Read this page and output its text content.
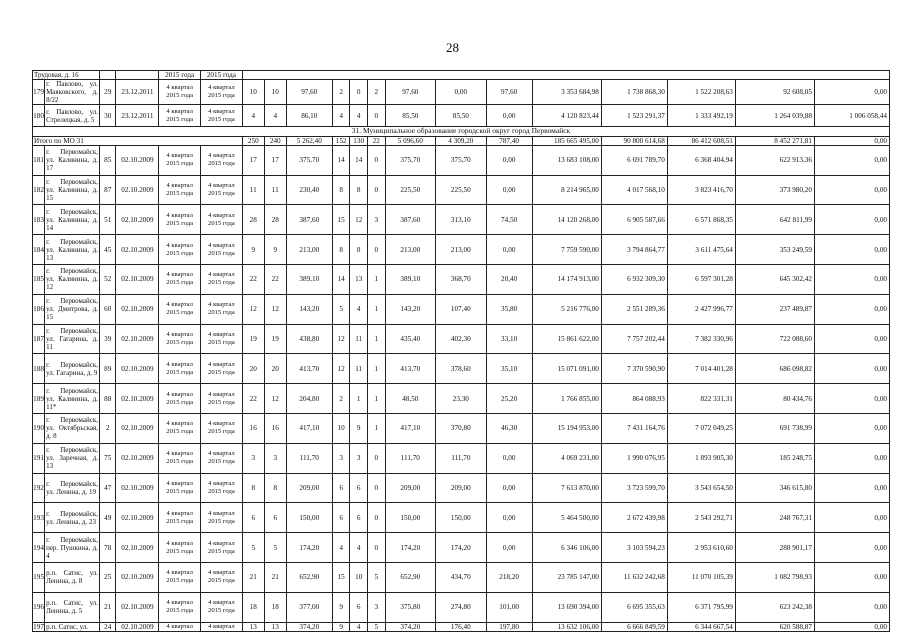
28
Трудовая, д. 16				2015 года	2015 года														
179	г. Павлово, ул. Маяковского, д. 8/22	29	23.12.2011	4 квартал 2015 года	4 квартал 2015 года	10	10	97,60	2	0	2	97,60	0,00	97,60	3 353 684,98	1 738 868,30	1 522 208,63	92 608,05	0,00
180	г. Павлово, ул. Стрелецкая, д. 5	30	23.12.2011	4 квартал 2015 года	4 квартал 2015 года	4	4	86,10	4	4	0	85,50	85,50	0,00	4 120 823,44	1 523 291,37	1 333 492,19	1 264 039,88	1 006 058,44
31. Муниципальное образование городской округ город Первомайск																			
Итого по МО 31						250	240	5 262,40	152	130	22	5 096,60	4 309,20	787,40	185 665 495,00	90 800 614,68	86 412 608,51	8 452 271,81	0,00
181	г. Первомайск, ул. Калинина, д. 17	85	02.10.2009	4 квартал 2015 года	4 квартал 2015 года	17	17	375,70	14	14	0	375,70	375,70	0,00	13 683 108,00	6 691 789,70	6 368 404,94	622 913,36	0,00
182	г. Первомайск, ул. Калинина, д. 15	87	02.10.2009	4 квартал 2015 года	4 квартал 2015 года	11	11	230,40	8	8	0	225,50	225,50	0,00	8 214 965,00	4 017 568,10	3 823 416,70	373 980,20	0,00
183	г. Первомайск, ул. Калинина, д. 14	51	02.10.2009	4 квартал 2015 года	4 квартал 2015 года	28	28	387,60	15	12	3	387,60	313,10	74,50	14 120 268,00	6 905 587,66	6 571 868,35	642 811,99	0,00
184	г. Первомайск, ул. Калинина, д. 13	45	02.10.2009	4 квартал 2015 года	4 квартал 2015 года	9	9	213,00	8	8	0	213,00	213,00	0,00	7 759 590,00	3 794 864,77	3 611 475,64	353 249,59	0,00
185	г. Первомайск, ул. Калинина, д. 12	52	02.10.2009	4 квартал 2015 года	4 квартал 2015 года	22	22	389,10	14	13	1	389,10	368,70	20,40	14 174 913,00	6 932 309,30	6 597 301,28	645 302,42	0,00
186	г. Первомайск, ул. Дмитрова, д. 15	60	02.10.2009	4 квартал 2015 года	4 квартал 2015 года	12	12	143,20	5	4	1	143,20	107,40	35,80	5 216 776,00	2 551 289,36	2 427 996,77	237 489,87	0,00
187	г. Первомайск, ул. Гагарина, д. 11	39	02.10.2009	4 квартал 2015 года	4 квартал 2015 года	19	19	438,80	12	11	1	435,40	402,30	33,10	15 861 622,00	7 757 202,44	7 382 330,96	722 088,60	0,00
188	г. Первомайск, ул. Гагарина, д. 9	89	02.10.2009	4 квартал 2015 года	4 квартал 2015 года	20	20	413,70	12	11	1	413,70	378,60	35,10	15 071 091,00	7 370 590,90	7 014 401,28	686 098,82	0,00
189	г. Первомайск, ул. Калинина, д. 11*	88	02.10.2009	4 квартал 2015 года	4 квартал 2015 года	22	12	204,80	2	1	1	48,50	23,30	25,20	1 766 855,00	864 088,93	822 331,31	80 434,76	0,00
190	г. Первомайск, ул. Октябрьская, д. 8	2	02.10.2009	4 квартал 2015 года	4 квартал 2015 года	16	16	417,10	10	9	1	417,10	370,80	46,30	15 194 953,00	7 431 164,76	7 072 049,25	691 738,99	0,00
191	г. Первомайск, ул. Заречная, д. 13	75	02.10.2009	4 квартал 2015 года	4 квартал 2015 года	3	3	111,70	3	3	0	111,70	111,70	0,00	4 069 231,00	1 990 076,95	1 893 905,30	185 248,75	0,00
192	г. Первомайск, ул. Ленина, д. 19	47	02.10.2009	4 квартал 2015 года	4 квартал 2015 года	8	8	209,00	6	6	0	209,00	209,00	0,00	7 613 870,00	3 723 599,70	3 543 654,50	346 615,80	0,00
193	г. Первомайск, ул. Ленина, д. 23	49	02.10.2009	4 квартал 2015 года	4 квартал 2015 года	6	6	150,00	6	6	0	150,00	150,00	0,00	5 464 500,00	2 672 439,98	2 543 292,71	248 767,31	0,00
194	г. Первомайск, пер. Пушкина, д. 4	78	02.10.2009	4 квартал 2015 года	4 квартал 2015 года	5	5	174,20	4	4	0	174,20	174,20	0,00	6 346 106,00	3 103 594,23	2 953 610,60	288 901,17	0,00
195	р.п. Сатис, ул. Ленина, д. 8	25	02.10.2009	4 квартал 2015 года	4 квартал 2015 года	21	21	652,90	15	10	5	652,90	434,70	218,20	23 785 147,00	11 632 242,68	11 070 105,39	1 082 798,93	0,00
196	р.п. Сатис, ул. Ленина, д. 5	21	02.10.2009	4 квартал 2015 года	4 квартал 2015 года	18	18	377,00	9	6	3	375,80	274,80	101,00	13 690 394,00	6 695 355,63	6 371 795,99	623 242,38	0,00
197	р.п. Сатис, ул.	24	02.10.2009	4 квартал	4 квартал	13	13	374,20	9	4	5	374,20	176,40	197,80	13 632 106,00	6 666 849,59	6 344 667,54	620 588,87	0,00
